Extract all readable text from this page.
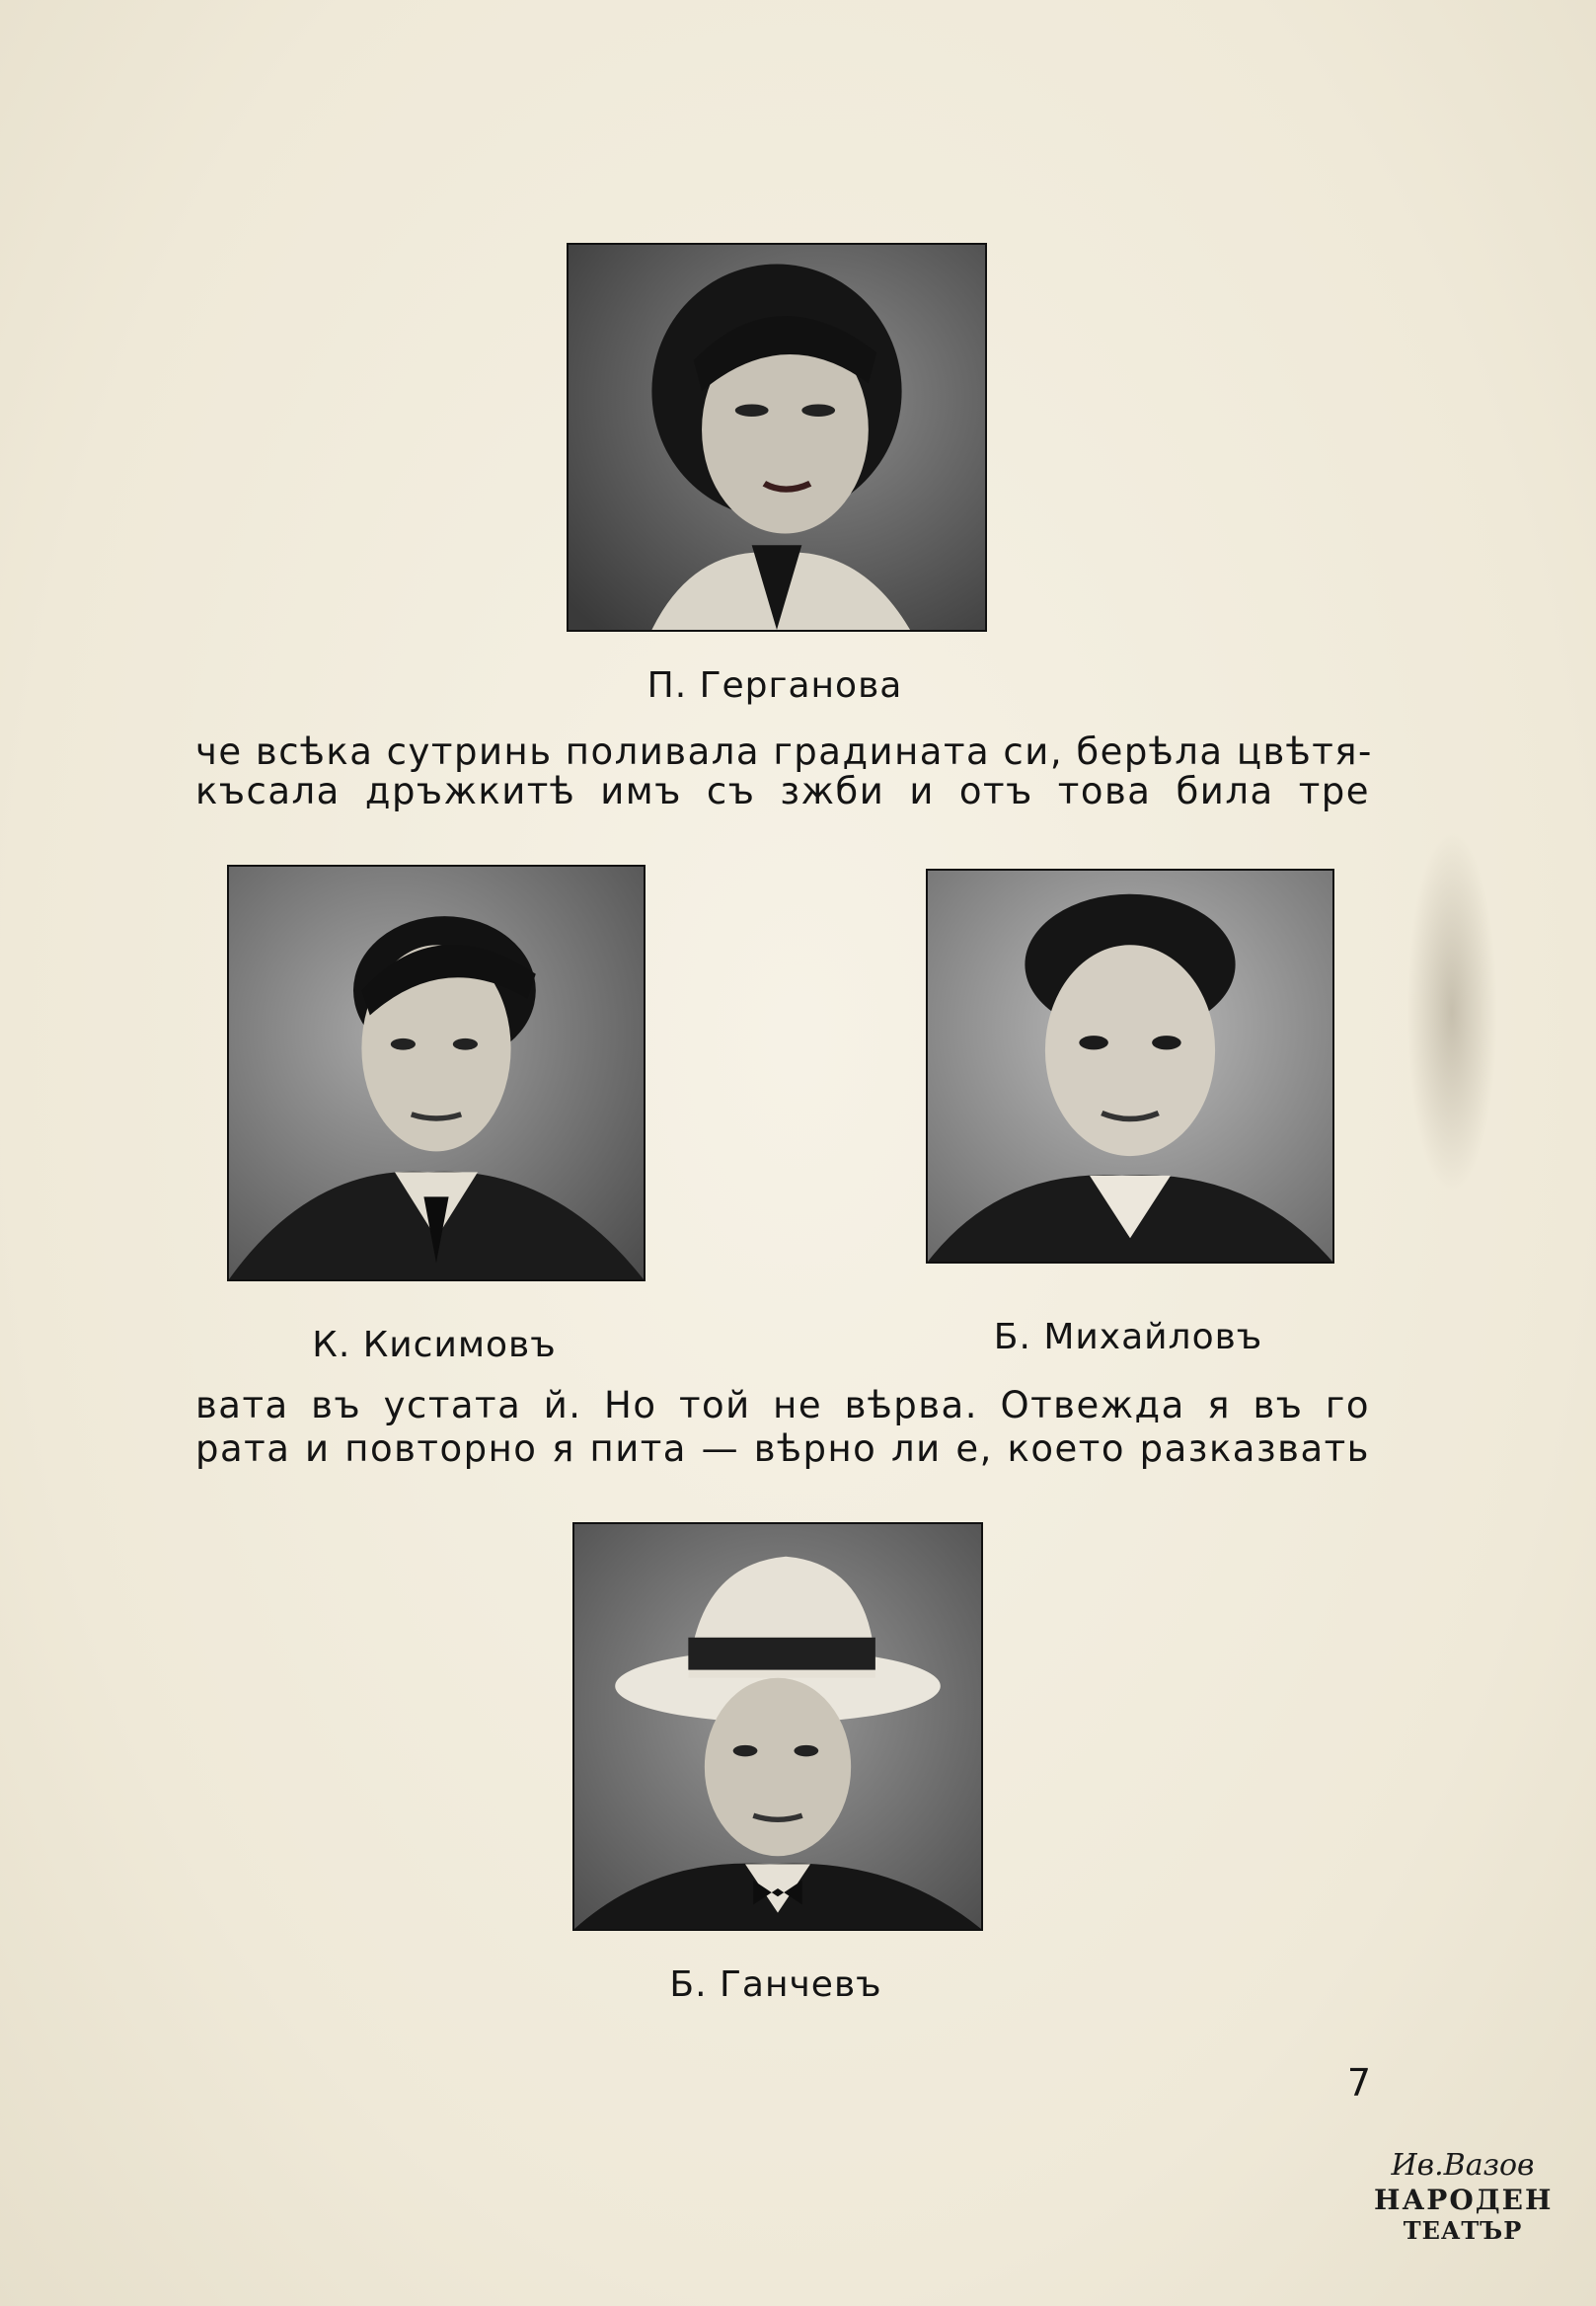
П. Герганова
че всѣка сутринь поливала градината си, берѣла цвѣтя-
късала дръжкитѣ имъ съ зжби и отъ това била тре
К. Кисимовъ	Б. Михайловъ
вата въ устата й. Но той не вѣрва. Отвежда я въ го
рата и повторно я пита — вѣрно ли е, което разказвать
Б. Ганчевъ
7
Ив.Вазов
НАРОДЕН
ТЕАТЪР
